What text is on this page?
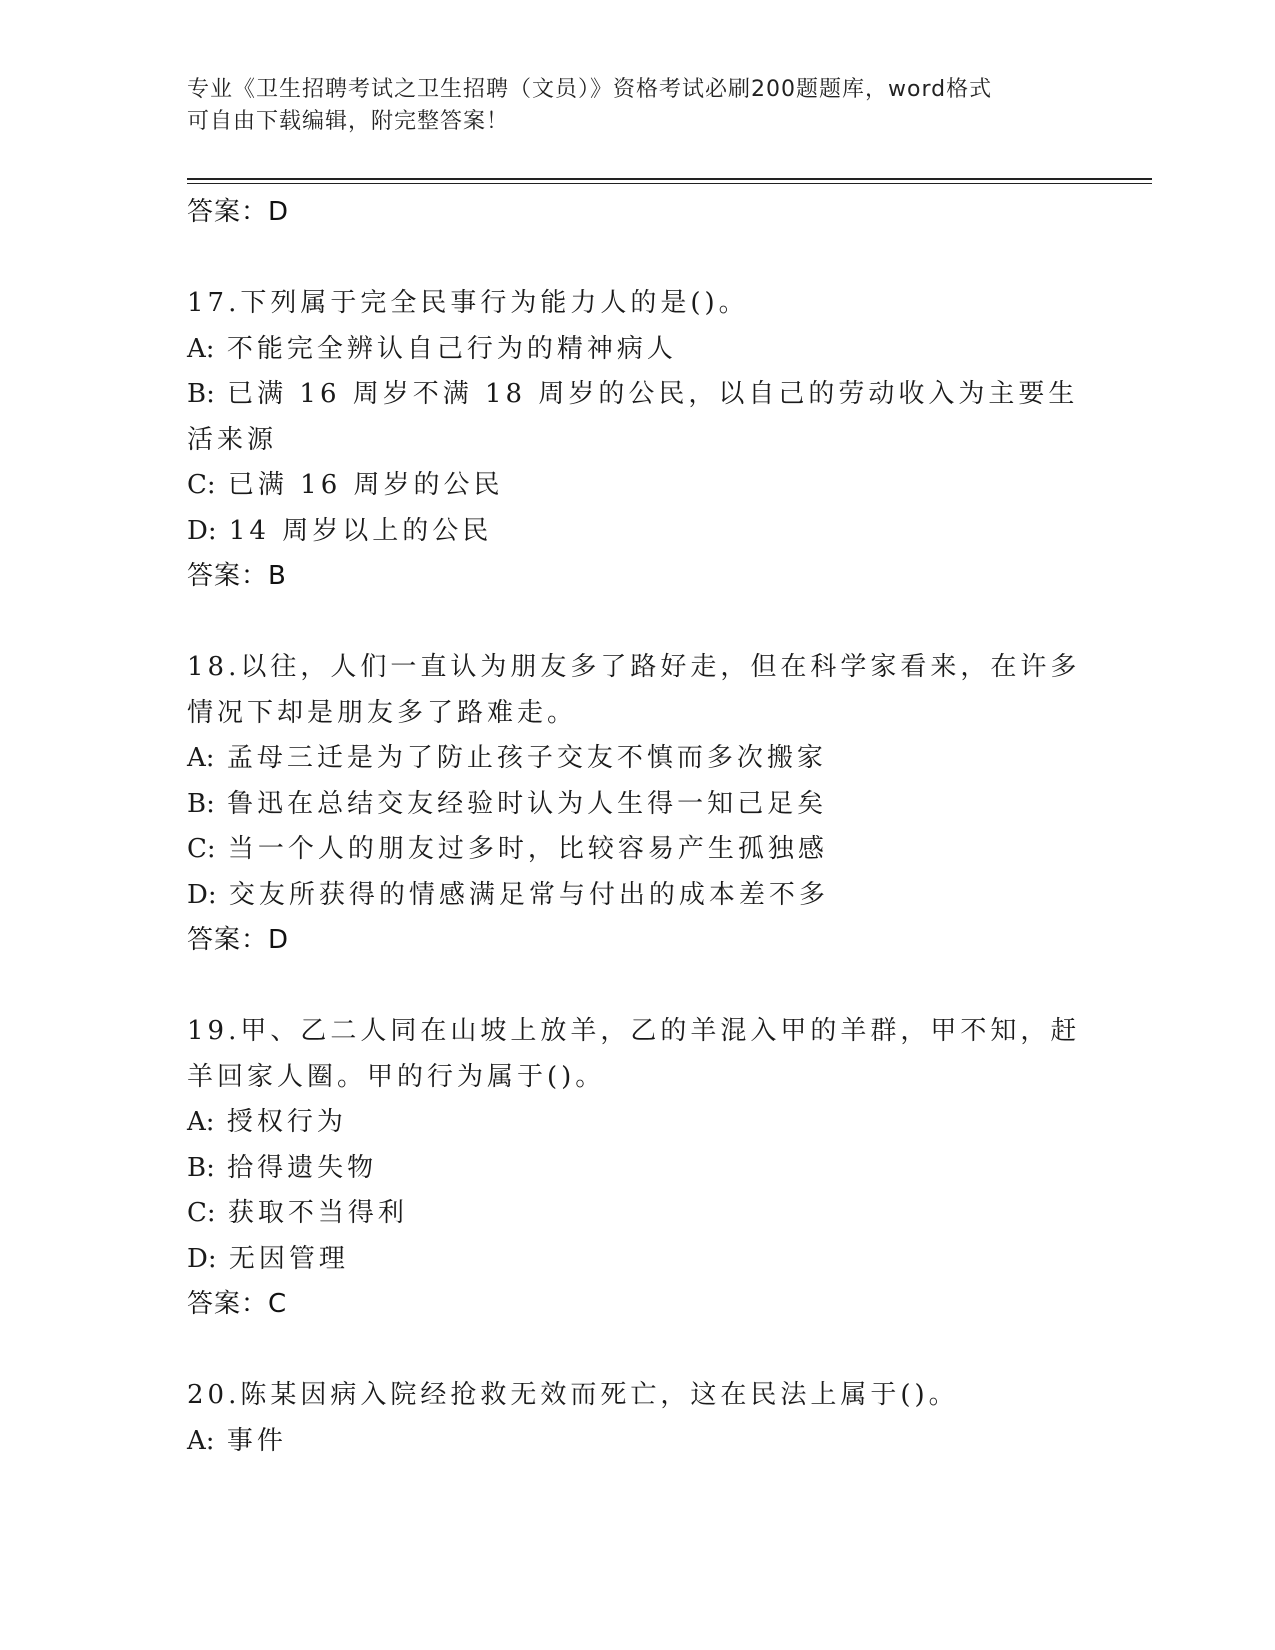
专业《卫生招聘考试之卫生招聘（文员）》资格考试必刷200题题库，word格式
可自由下载编辑，附完整答案！
答案：D
17.下列属于完全民事行为能力人的是()。
A: 不能完全辨认自己行为的精神病人
B: 已满 16 周岁不满 18 周岁的公民，以自己的劳动收入为主要生活来源
C: 已满 16 周岁的公民
D: 14 周岁以上的公民
答案：B
18.以往，人们一直认为朋友多了路好走，但在科学家看来，在许多情况下却是朋友多了路难走。
A: 孟母三迁是为了防止孩子交友不慎而多次搬家
B: 鲁迅在总结交友经验时认为人生得一知己足矣
C: 当一个人的朋友过多时，比较容易产生孤独感
D: 交友所获得的情感满足常与付出的成本差不多
答案：D
19.甲、乙二人同在山坡上放羊，乙的羊混入甲的羊群，甲不知，赶羊回家人圈。甲的行为属于()。
A: 授权行为
B: 拾得遗失物
C: 获取不当得利
D: 无因管理
答案：C
20.陈某因病入院经抢救无效而死亡，这在民法上属于()。
A: 事件
